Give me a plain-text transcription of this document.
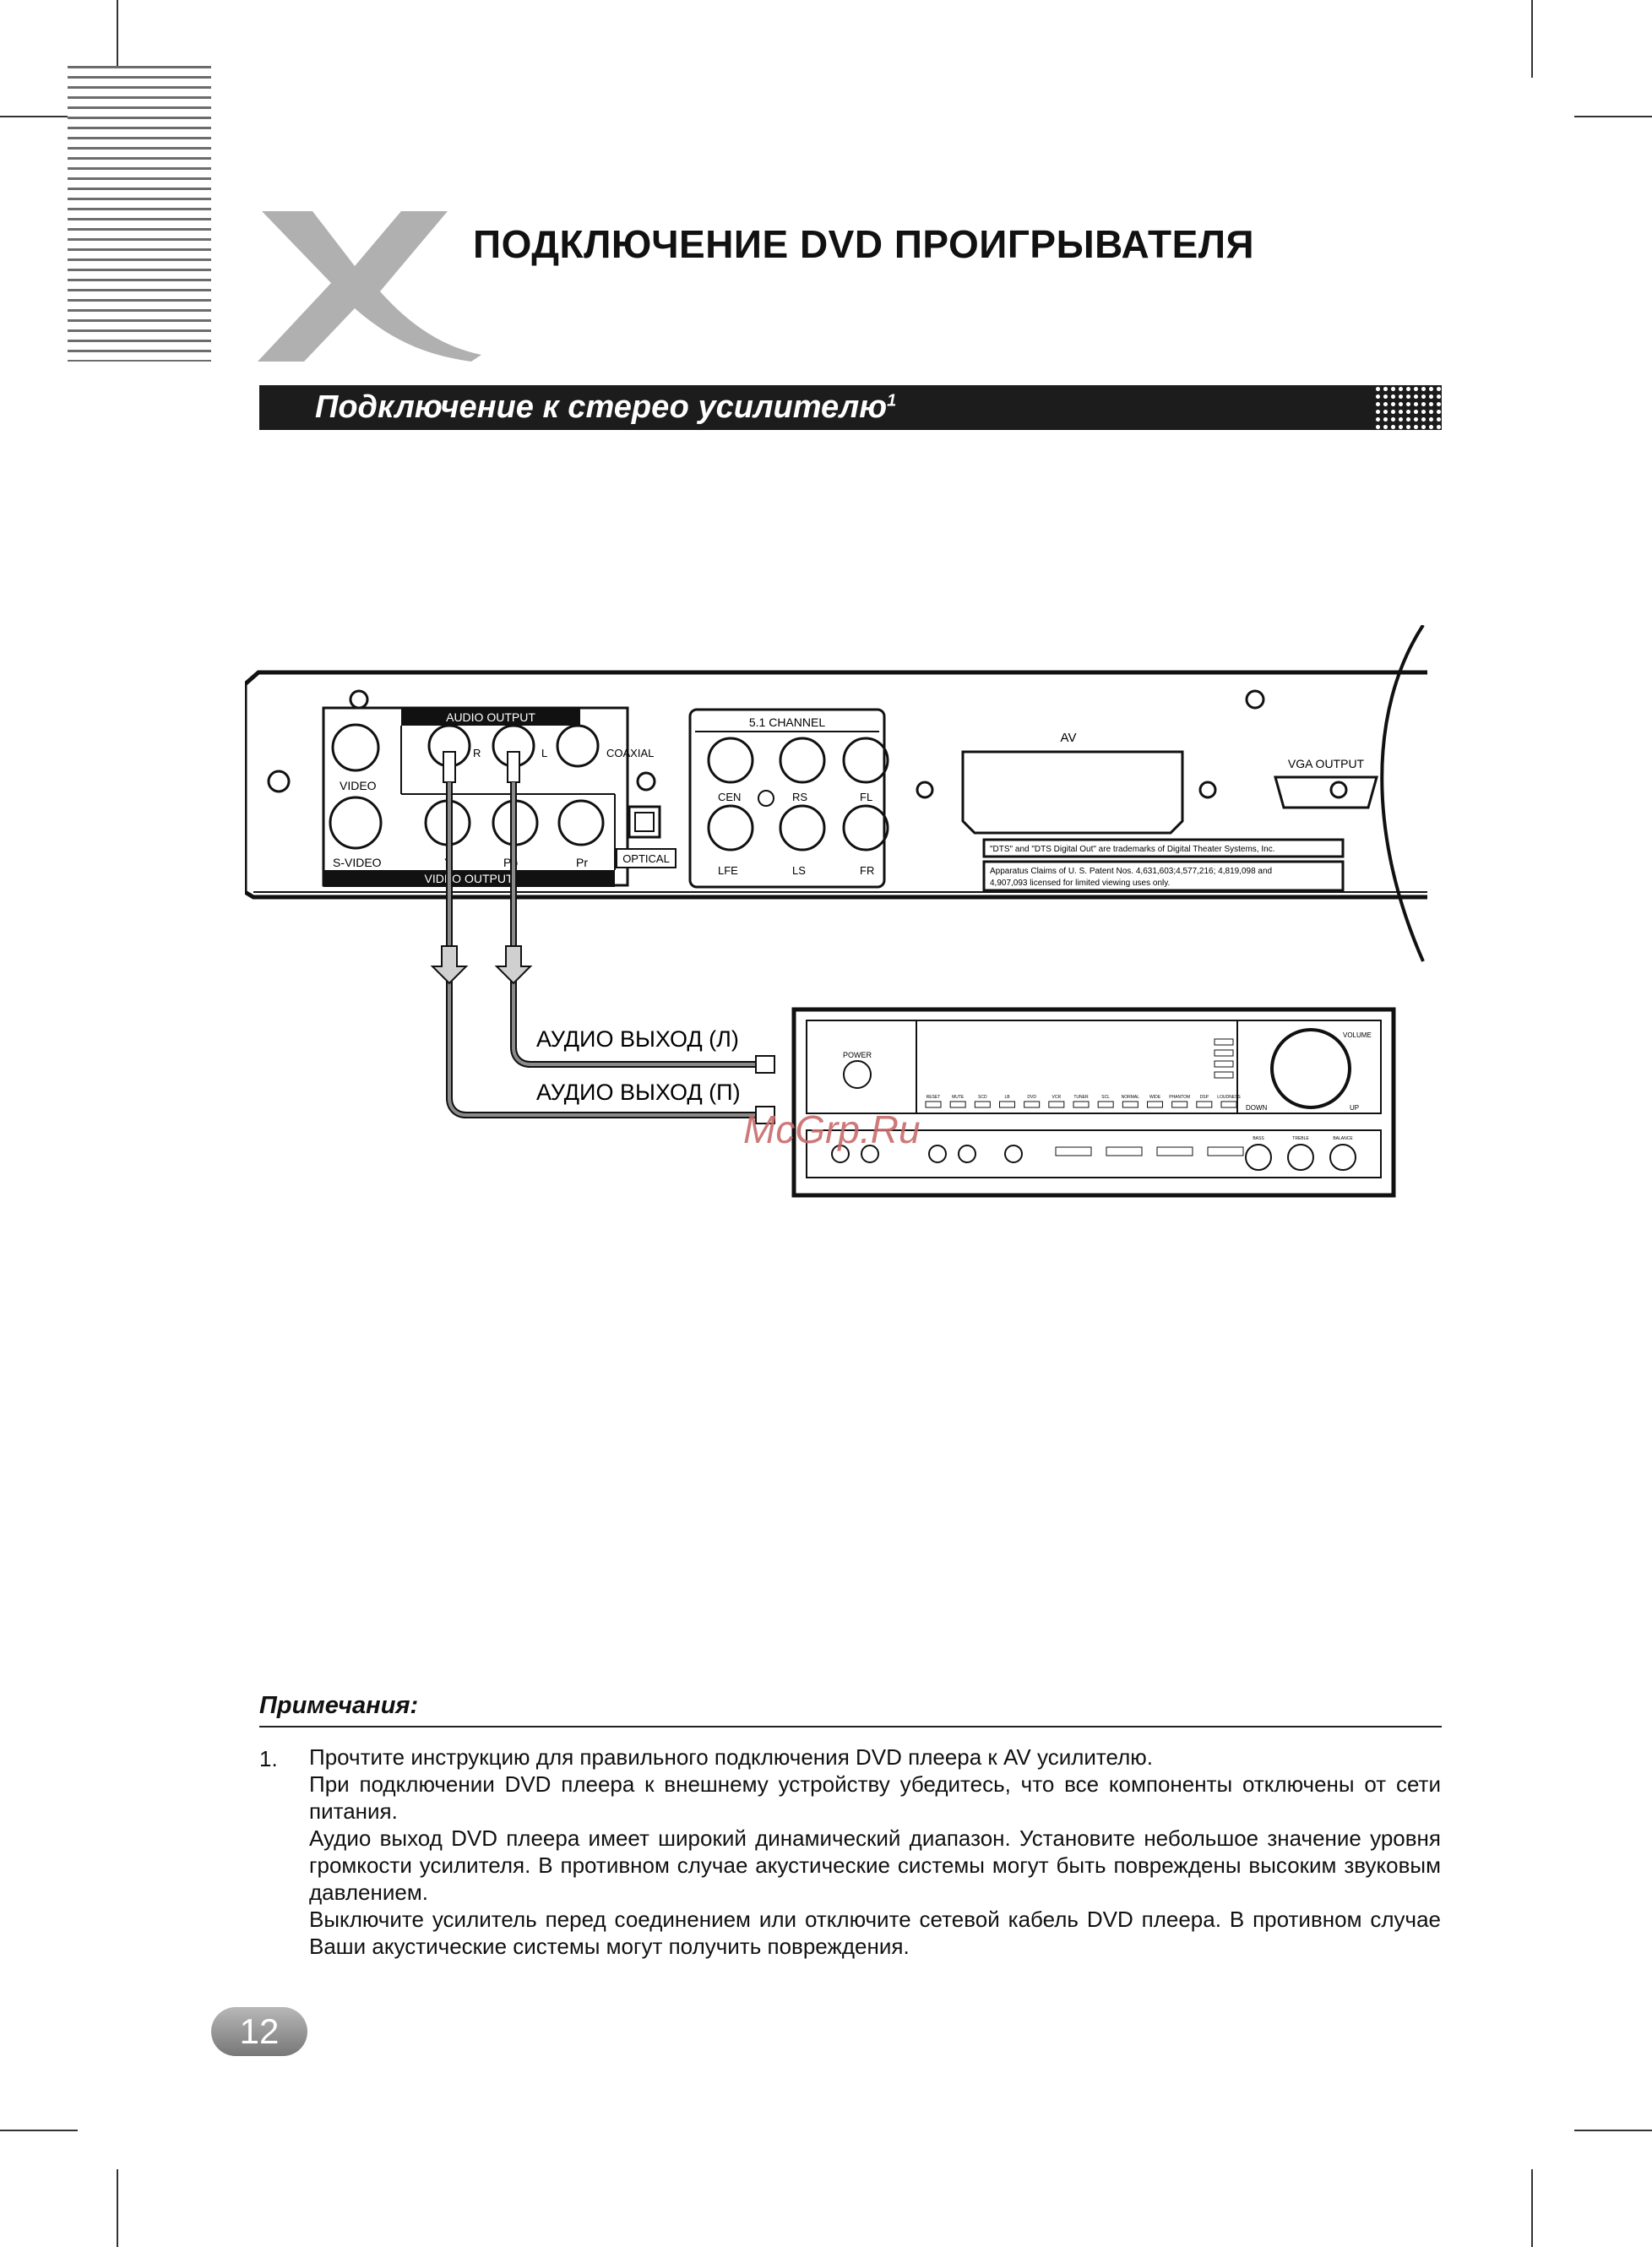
ПОДКЛЮЧЕНИЕ DVD ПРОИГРЫВАТЕЛЯ
Подключение к стерео усилителю$^1$
AUDIO OUTPUT
VIDEO OUTPUT
VIDEO
R	L	COAXIAL
S-VIDEO	Y	Pb	Pr	OPTICAL
5.1 CHANNEL
CEN	RS	FL
LFE	LS	FR
AV
VGA OUTPUT
"DTS" and "DTS Digital Out" are trademarks of Digital Theater Systems, Inc.
Apparatus Claims of U. S. Patent Nos. 4,631,603;4,577,216; 4,819,098 and
4,907,093 licensed for limited viewing uses only.
АУДИО ВЫХОД (Л)
АУДИО ВЫХОД (П)
POWER
RESET	MUTE	SCD	LB	DVD	VCR	TUNER	SCL	NORMAL WIDE PHANTOM DSP LOUDNESS
VOLUME
DOWN	UP
BASS	TREBLE	BALANCE
McGrp.Ru
Примечания:
1. Прочтите инструкцию для правильного подключения DVD плеера к AV усилителю.

При подключении DVD плеера к внешнему устройству убедитесь, что все компоненты отключены от сети питания.

Аудио выход DVD плеера имеет широкий динамический диапазон. Установите небольшое значение уровня громкости усилителя. В противном случае акустические системы могут быть повреждены высоким звуковым давлением.

Выключите усилитель перед соединением или отключите сетевой кабель DVD плеера. В противном случае Ваши акустические системы могут получить повреждения.

12
